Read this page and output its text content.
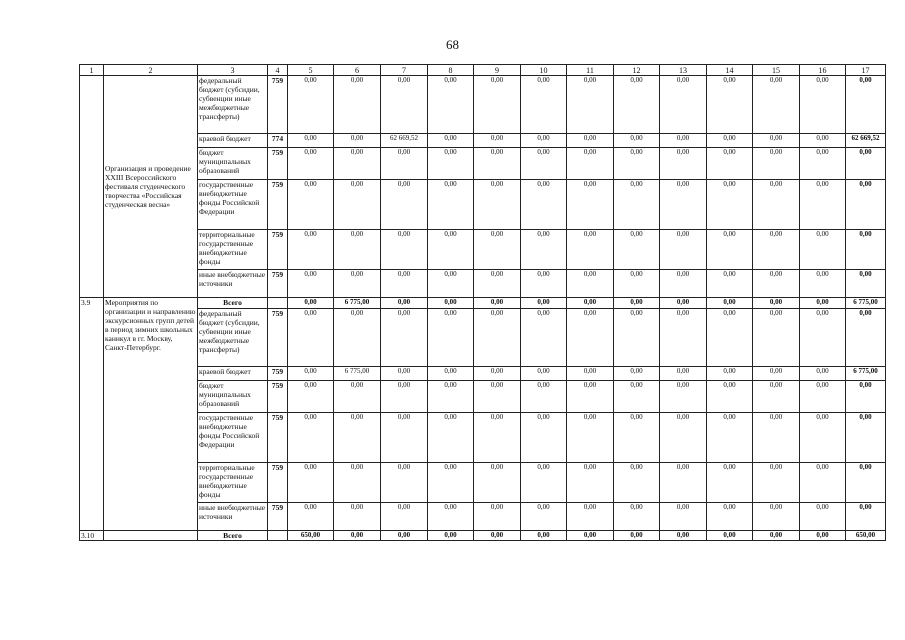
68
1	2	3	4	5	6	7	8	9	10	11	12	13	14	15	16	17
	Организация и проведение XXIII Всероссийского фестиваля студенческого творчества «Российская студенческая весна»	федеральный бюджет (субсидии, субвенции иные межбюджетные трансферты)	759	0,00	0,00	0,00	0,00	0,00	0,00	0,00	0,00	0,00	0,00	0,00	0,00	0,00
		краевой бюджет	774	0,00	0,00	62 669,52	0,00	0,00	0,00	0,00	0,00	0,00	0,00	0,00	0,00	62 669,52
		бюджет муниципальных образований	759	0,00	0,00	0,00	0,00	0,00	0,00	0,00	0,00	0,00	0,00	0,00	0,00	0,00
		государственные внебюджетные фонды Российской Федерации	759	0,00	0,00	0,00	0,00	0,00	0,00	0,00	0,00	0,00	0,00	0,00	0,00	0,00
		территориальные государственные внебюджетные фонды	759	0,00	0,00	0,00	0,00	0,00	0,00	0,00	0,00	0,00	0,00	0,00	0,00	0,00
		иные внебюджетные источники	759	0,00	0,00	0,00	0,00	0,00	0,00	0,00	0,00	0,00	0,00	0,00	0,00	0,00
3.9	Мероприятия по организации и направлению экскурсионных групп детей в период зимних школьных каникул в гг. Москву, Санкт-Петербург.	Всего		0,00	6 775,00	0,00	0,00	0,00	0,00	0,00	0,00	0,00	0,00	0,00	0,00	6 775,00
		федеральный бюджет (субсидии, субвенции иные межбюджетные трансферты)	759	0,00	0,00	0,00	0,00	0,00	0,00	0,00	0,00	0,00	0,00	0,00	0,00	0,00
		краевой бюджет	759	0,00	6 775,00	0,00	0,00	0,00	0,00	0,00	0,00	0,00	0,00	0,00	0,00	6 775,00
		бюджет муниципальных образований	759	0,00	0,00	0,00	0,00	0,00	0,00	0,00	0,00	0,00	0,00	0,00	0,00	0,00
		государственные внебюджетные фонды Российской Федерации	759	0,00	0,00	0,00	0,00	0,00	0,00	0,00	0,00	0,00	0,00	0,00	0,00	0,00
		территориальные государственные внебюджетные фонды	759	0,00	0,00	0,00	0,00	0,00	0,00	0,00	0,00	0,00	0,00	0,00	0,00	0,00
		иные внебюджетные источники	759	0,00	0,00	0,00	0,00	0,00	0,00	0,00	0,00	0,00	0,00	0,00	0,00	0,00
3.10		Всего		650,00	0,00	0,00	0,00	0,00	0,00	0,00	0,00	0,00	0,00	0,00	0,00	650,00
